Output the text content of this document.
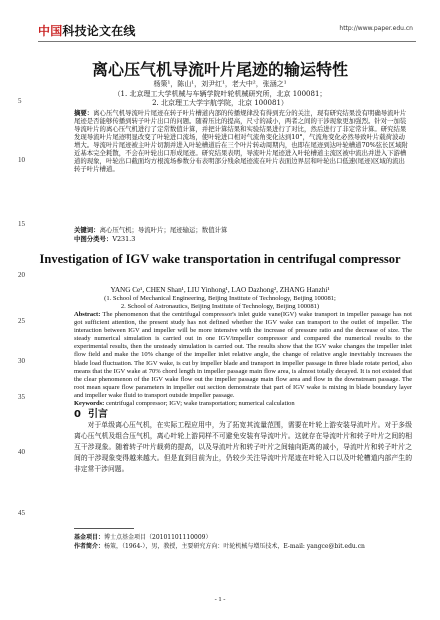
中国科技论文在线	http://www.paper.edu.cn
5
10
15
20
25
30
35
40
45
离心压气机导流叶片尾迹的输运特性
杨策¹，陈山¹，刘尹红¹，老大中²，张涵之¹
（1. 北京理工大学机械与车辆学院叶轮机械研究所，北京 100081；
2. 北京理工大学宇航学院，北京 100081）

摘要：离心压气机导流叶片尾迹在转子叶片槽道内部的传播规律没有得到充分的关注，现有研究结果没有明确导流叶片尾迹是否能够传播到转子叶片出口的问题。随着压比的提高，尺寸的减小，两者之间的干涉现象更加强烈。针对一加装导流叶片的离心压气机进行了定常数值计算，并把计算结果和实验结果进行了对比，然后进行了非定常计算。研究结果发现导流叶片尾迹明显改变了叶轮进口流场，使叶轮进口相对气流角变化达到10°，气流角变化必然导致叶片载荷波动增大。导流叶片尾迹被主叶片切割并进入叶轮槽道后在三个叶片转动周期内，也即在尾迹到达叶轮槽道70%弦长区域附近基本完全耗散，不会在叶轮出口形成尾迹。研究结果表明，导流叶片尾迹进入叶轮槽道主流区被中流出并进入下游槽道的现象，叶轮出口截面均方根流场参数分布表明部分残余尾迹流在叶片表面边界层和叶轮出口低速(尾迹)区域的流出转子叶片槽道。

关键词：离心压气机；导流叶片；尾迹输运；数值计算

中图分类号：V231.3

Investigation of IGV wake transportation in centrifugal compressor
YANG Ce¹, CHEN Shan¹, LIU Yinhong¹, LAO Dazhong², ZHANG Hanzhi¹
(1. School of Mechanical Engineering, Beijing Institute of Technology, Beijing 100081;
2. School of Astronautics, Beijing Institute of Technology, Beijing 100081)

Abstract: The phenomenon that the centrifugal compressor's inlet guide vane(IGV) wake transport in impeller passage has not got sufficient attention, the present study has not defined whether the IGV wake can transport to the outlet of impeller. The interaction between IGV and impeller will be more intensive with the increase of pressure ratio and the decrease of size. The steady numerical simulation is carried out in one IGV/impeller compressor and compared the numerical results to the experimental results, then the unsteady simulation is carried out. The results show that the IGV wake changes the impeller inlet flow field and make the 10% change of the impeller inlet relative angle, the change of relative angle inevitably increases the blade load fluctuation. The IGV wake, is cut by impeller blade and transport in impeller passage in three blade rotate period, also means that the IGV wake at 70% chord length in impeller passage main flow area, is almost totally decayed. It is not existed that the clear phenomenon of the IGV wake flow out the impeller passage main flow area and flow in the downstream passage. The root mean square flow parameters in impeller out section demonstrate that part of IGV wake is mixing in blade boundary layer and impeller wake fluid to transport outside impeller passage.

Keywords: centrifugal compressor; IGV; wake transportation; numerical calculation

0 引言

对于单级离心压气机，在实际工程应用中，为了拓宽其流量范围，需要在叶轮上游安装导流叶片。对于多级离心压气机及组合压气机，离心叶轮上游同样不可避免安装有导流叶片。这就存在导流叶片和转子叶片之间的相互干涉现象。随着转子叶片载荷的提高，以及导流叶片和转子叶片之间轴向距离的减小，导流叶片和转子叶片之间的干涉现象变得越来越大。但是直到目前为止，仍较少关注导流叶片尾迹在叶轮入口以及叶轮槽道内部产生的非定常干涉问题。

基金项目：博士点基金项目（20101101110009）

作者简介：杨策，（1964-），男，教授，主要研究方向：叶轮机械与增压技术，E-mail: yangce@bit.edu.cn

- 1 -
